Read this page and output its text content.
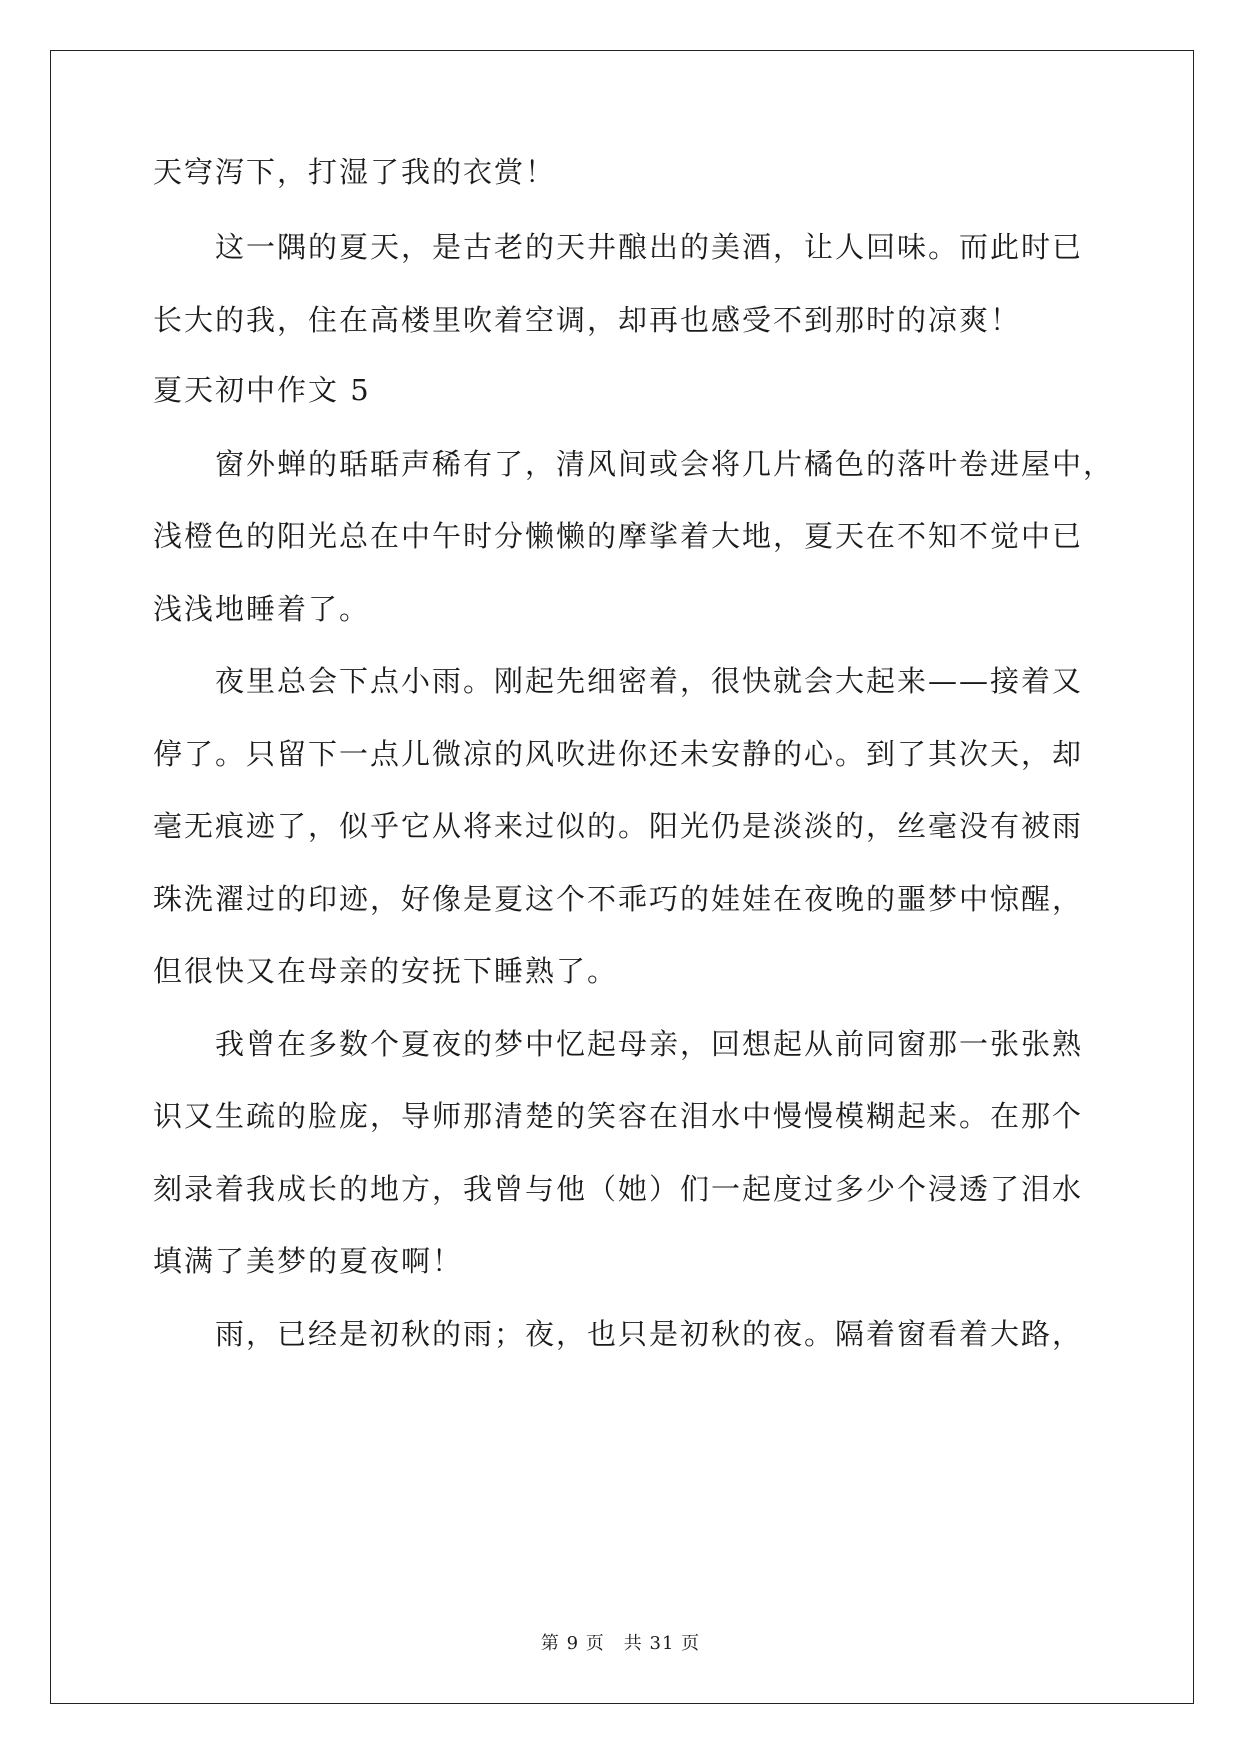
天穹泻下，打湿了我的衣赏！
　　这一隅的夏天，是古老的天井酿出的美酒，让人回味。而此时已
长大的我，住在高楼里吹着空调，却再也感受不到那时的凉爽！
夏天初中作文 5
　　窗外蝉的聒聒声稀有了，清风间或会将几片橘色的落叶卷进屋中，
浅橙色的阳光总在中午时分懒懒的摩挲着大地，夏天在不知不觉中已
浅浅地睡着了。
　　夜里总会下点小雨。刚起先细密着，很快就会大起来——接着又
停了。只留下一点儿微凉的风吹进你还未安静的心。到了其次天，却
毫无痕迹了，似乎它从将来过似的。阳光仍是淡淡的，丝毫没有被雨
珠洗濯过的印迹，好像是夏这个不乖巧的娃娃在夜晚的噩梦中惊醒，
但很快又在母亲的安抚下睡熟了。
　　我曾在多数个夏夜的梦中忆起母亲，回想起从前同窗那一张张熟
识又生疏的脸庞，导师那清楚的笑容在泪水中慢慢模糊起来。在那个
刻录着我成长的地方，我曾与他（她）们一起度过多少个浸透了泪水
填满了美梦的夏夜啊！
　　雨，已经是初秋的雨；夜，也只是初秋的夜。隔着窗看着大路，
第 9 页　共 31 页
